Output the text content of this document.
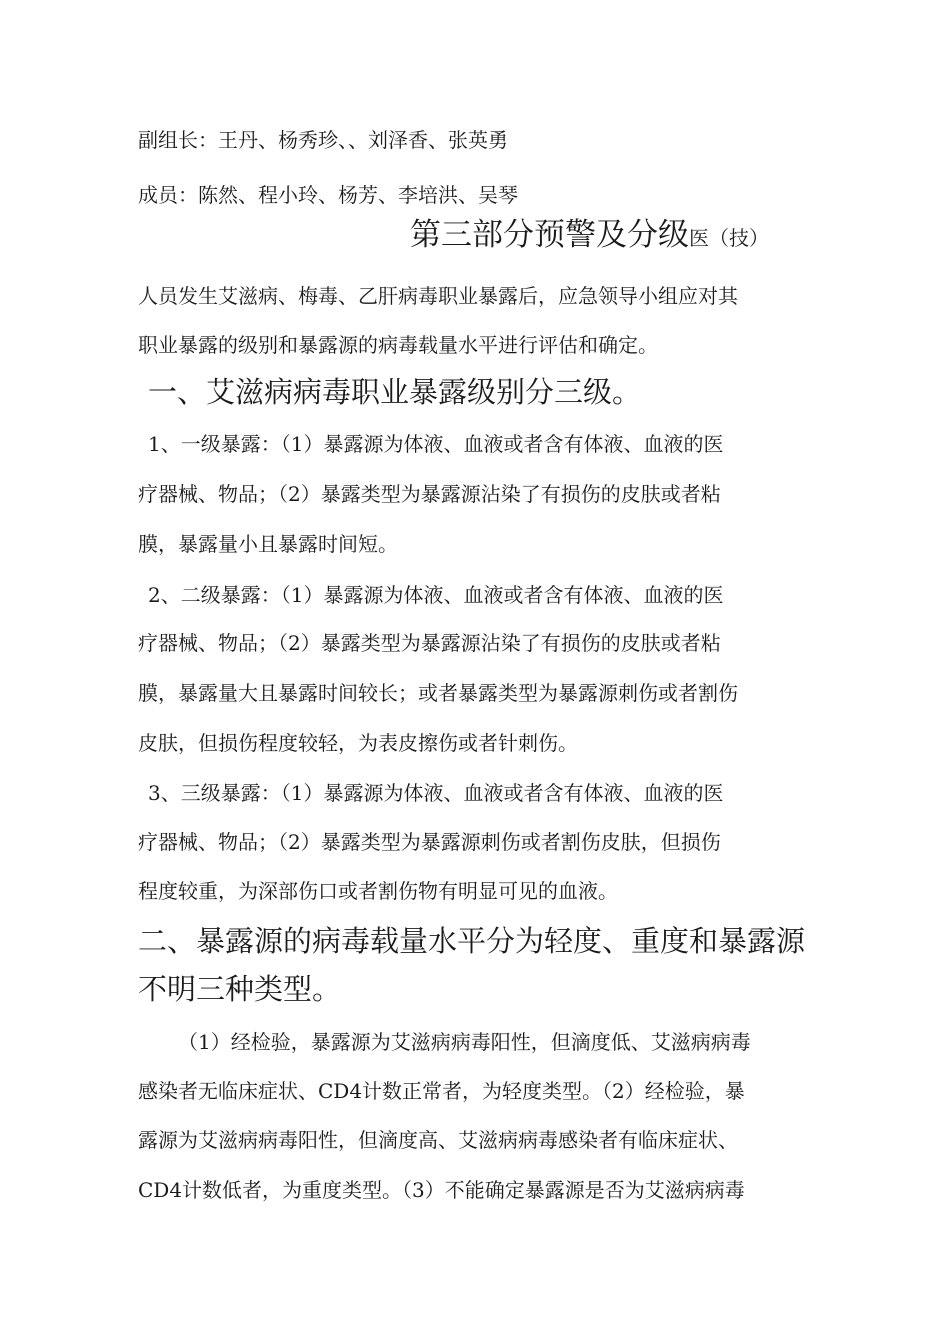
副组长：王丹、杨秀珍、、刘泽香、张英勇
成员：陈然、程小玲、杨芳、李培洪、吴琴
第三部分预警及分级医（技）
人员发生艾滋病、梅毒、乙肝病毒职业暴露后，应急领导小组应对其
职业暴露的级别和暴露源的病毒载量水平进行评估和确定。
一、艾滋病病毒职业暴露级别分三级。
1、一级暴露：（1）暴露源为体液、血液或者含有体液、血液的医
疗器械、物品；（2）暴露类型为暴露源沾染了有损伤的皮肤或者粘
膜，暴露量小且暴露时间短。
2、二级暴露：（1）暴露源为体液、血液或者含有体液、血液的医
疗器械、物品；（2）暴露类型为暴露源沾染了有损伤的皮肤或者粘
膜，暴露量大且暴露时间较长；或者暴露类型为暴露源刺伤或者割伤
皮肤，但损伤程度较轻，为表皮擦伤或者针刺伤。
3、三级暴露：（1）暴露源为体液、血液或者含有体液、血液的医
疗器械、物品；（2）暴露类型为暴露源刺伤或者割伤皮肤，但损伤
程度较重，为深部伤口或者割伤物有明显可见的血液。
二、暴露源的病毒载量水平分为轻度、重度和暴露源
不明三种类型。
（1）经检验，暴露源为艾滋病病毒阳性，但滴度低、艾滋病病毒
感染者无临床症状、CD4计数正常者，为轻度类型。（2）经检验，暴
露源为艾滋病病毒阳性，但滴度高、艾滋病病毒感染者有临床症状、
CD4计数低者，为重度类型。（3）不能确定暴露源是否为艾滋病病毒
